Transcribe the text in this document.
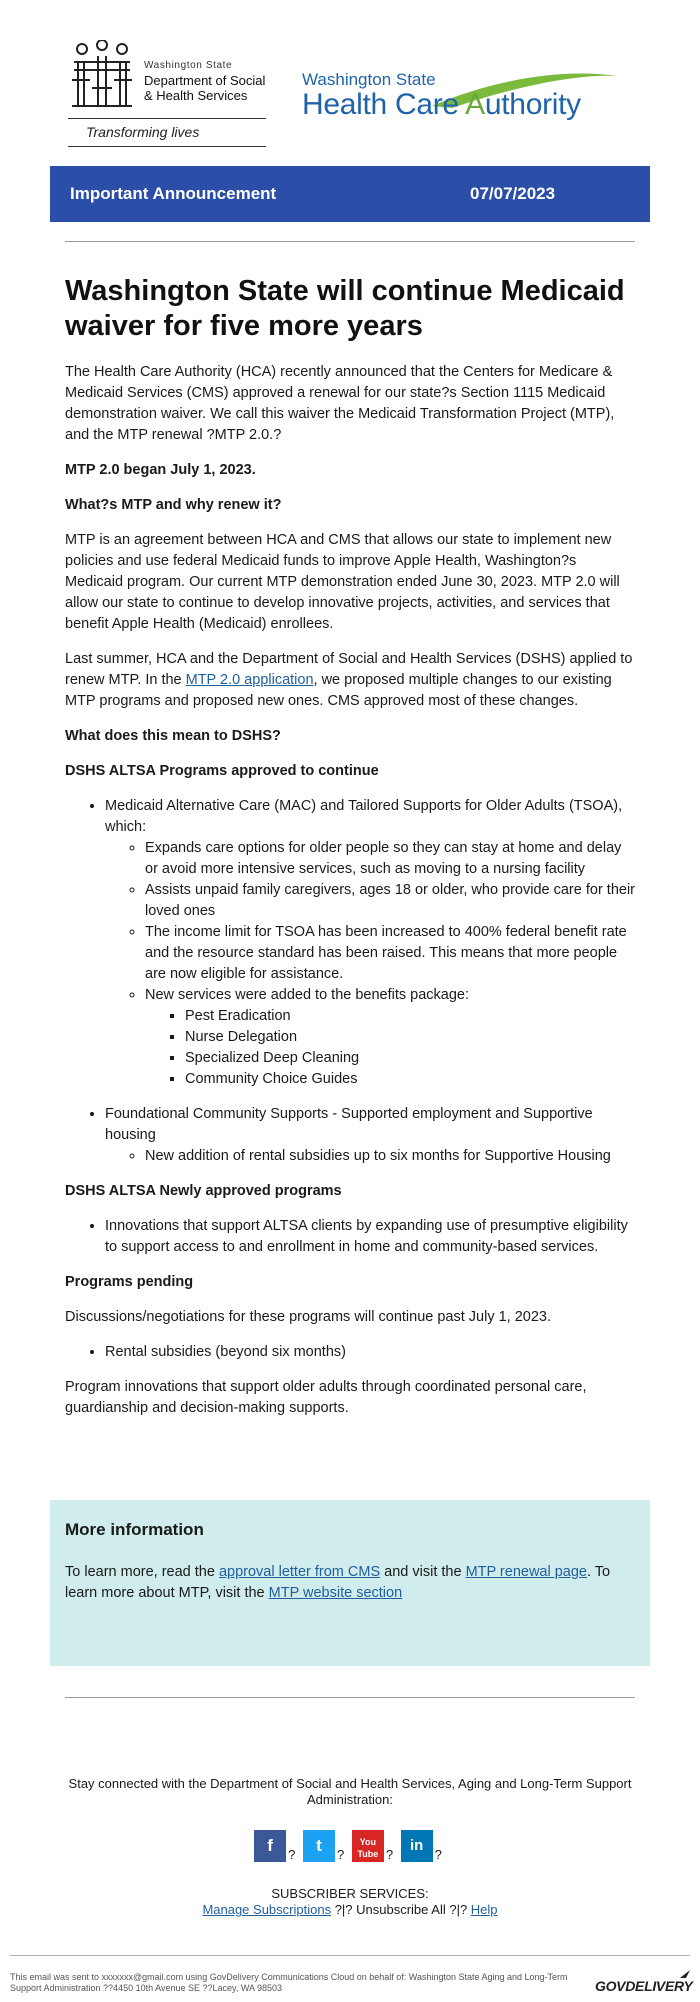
Washington State
Department of Social
& Health Services
Transforming lives
Washington State
Health Care Authority
Important Announcement	07/07/2023
Washington State will continue Medicaid waiver for five more years

The Health Care Authority (HCA) recently announced that the Centers for Medicare & Medicaid Services (CMS) approved a renewal for our state?s Section 1115 Medicaid demonstration waiver. We call this waiver the Medicaid Transformation Project (MTP), and the MTP renewal ?MTP 2.0.?

MTP 2.0 began July 1, 2023.

What?s MTP and why renew it?

MTP is an agreement between HCA and CMS that allows our state to implement new policies and use federal Medicaid funds to improve Apple Health, Washington?s Medicaid program. Our current MTP demonstration ended June 30, 2023. MTP 2.0 will allow our state to continue to develop innovative projects, activities, and services that benefit Apple Health (Medicaid) enrollees.

Last summer, HCA and the Department of Social and Health Services (DSHS) applied to renew MTP. In the MTP 2.0 application, we proposed multiple changes to our existing MTP programs and proposed new ones. CMS approved most of these changes.

What does this mean to DSHS?

DSHS ALTSA Programs approved to continue

• Medicaid Alternative Care (MAC) and Tailored Supports for Older Adults (TSOA), which:
◦ Expands care options for older people so they can stay at home and delay or avoid more intensive services, such as moving to a nursing facility
◦ Assists unpaid family caregivers, ages 18 or older, who provide care for their loved ones
◦ The income limit for TSOA has been increased to 400% federal benefit rate and the resource standard has been raised. This means that more people are now eligible for assistance.
◦ New services were added to the benefits package:
▪ Pest Eradication
▪ Nurse Delegation
▪ Specialized Deep Cleaning
▪ Community Choice Guides
• Foundational Community Supports - Supported employment and Supportive housing
◦ New addition of rental subsidies up to six months for Supportive Housing

DSHS ALTSA Newly approved programs

• Innovations that support ALTSA clients by expanding use of presumptive eligibility to support access to and enrollment in home and community-based services.

Programs pending

Discussions/negotiations for these programs will continue past July 1, 2023.

• Rental subsidies (beyond six months)

Program innovations that support older adults through coordinated personal care, guardianship and decision-making supports.

More information
To learn more, read the approval letter from CMS and visit the MTP renewal page. To learn more about MTP, visit the MTP website section
Stay connected with the Department of Social and Health Services, Aging and Long-Term Support Administration:
f ? t ? You Tube ? in?
SUBSCRIBER SERVICES:
Manage Subscriptions ?|? Unsubscribe All ?|? Help
This email was sent to xxxxxxx@gmail.com using GovDelivery Communications Cloud on behalf of: Washington State Aging and Long-Term Support Administration ??4450 10th Avenue SE ??Lacey, WA 98503	GOVDELIVERY
